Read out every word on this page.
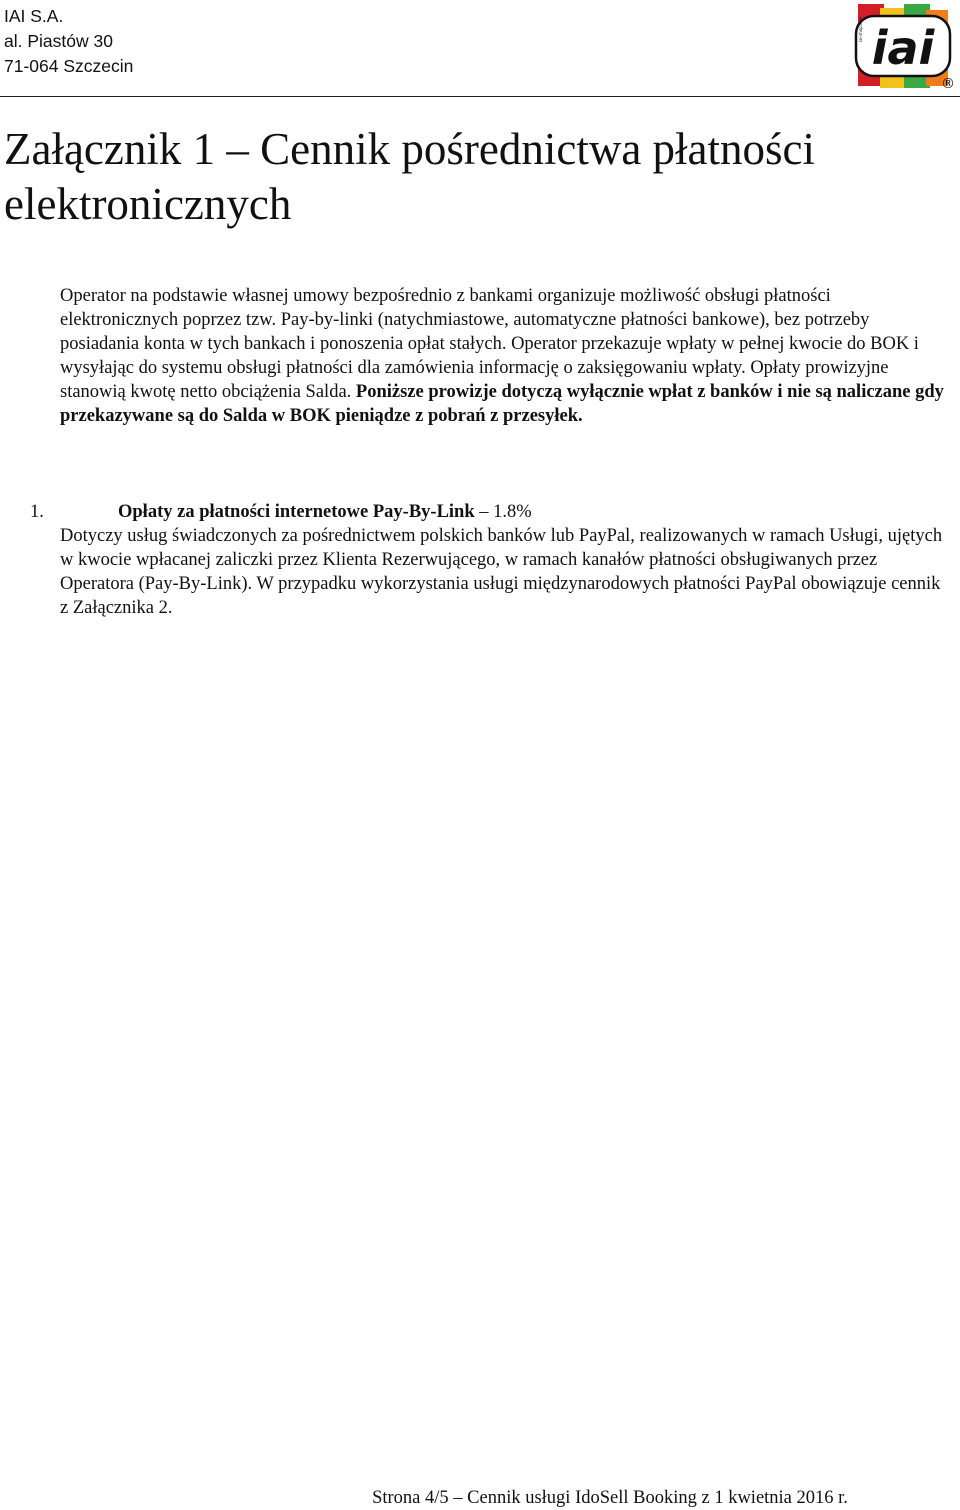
IAI S.A.
al. Piastów 30
71-064 Szczecin	iai
®
iai-shop.com
Załącznik 1 – Cennik pośrednictwa płatności elektronicznych

Operator na podstawie własnej umowy bezpośrednio z bankami organizuje możliwość obsługi płatności elektronicznych poprzez tzw. Pay-by-linki (natychmiastowe, automatyczne płatności bankowe), bez potrzeby posiadania konta w tych bankach i ponoszenia opłat stałych. Operator przekazuje wpłaty w pełnej kwocie do BOK i wysyłając do systemu obsługi płatności dla zamówienia informację o zaksięgowaniu wpłaty. Opłaty prowizyjne stanowią kwotę netto obciążenia Salda. Poniższe prowizje dotyczą wyłącznie wpłat z banków i nie są naliczane gdy przekazywane są do Salda w BOK pieniądze z pobrań z przesyłek.

1.	Opłaty za płatności internetowe Pay-By-Link – 1.8%

Dotyczy usług świadczonych za pośrednictwem polskich banków lub PayPal, realizowanych w ramach Usługi, ujętych w kwocie wpłacanej zaliczki przez Klienta Rezerwującego, w ramach kanałów płatności obsługiwanych przez Operatora (Pay-By-Link). W przypadku wykorzystania usługi międzynarodowych płatności PayPal obowiązuje cennik z Załącznika 2.

Strona 4/5 – Cennik usługi IdoSell Booking z 1 kwietnia 2016 r.
